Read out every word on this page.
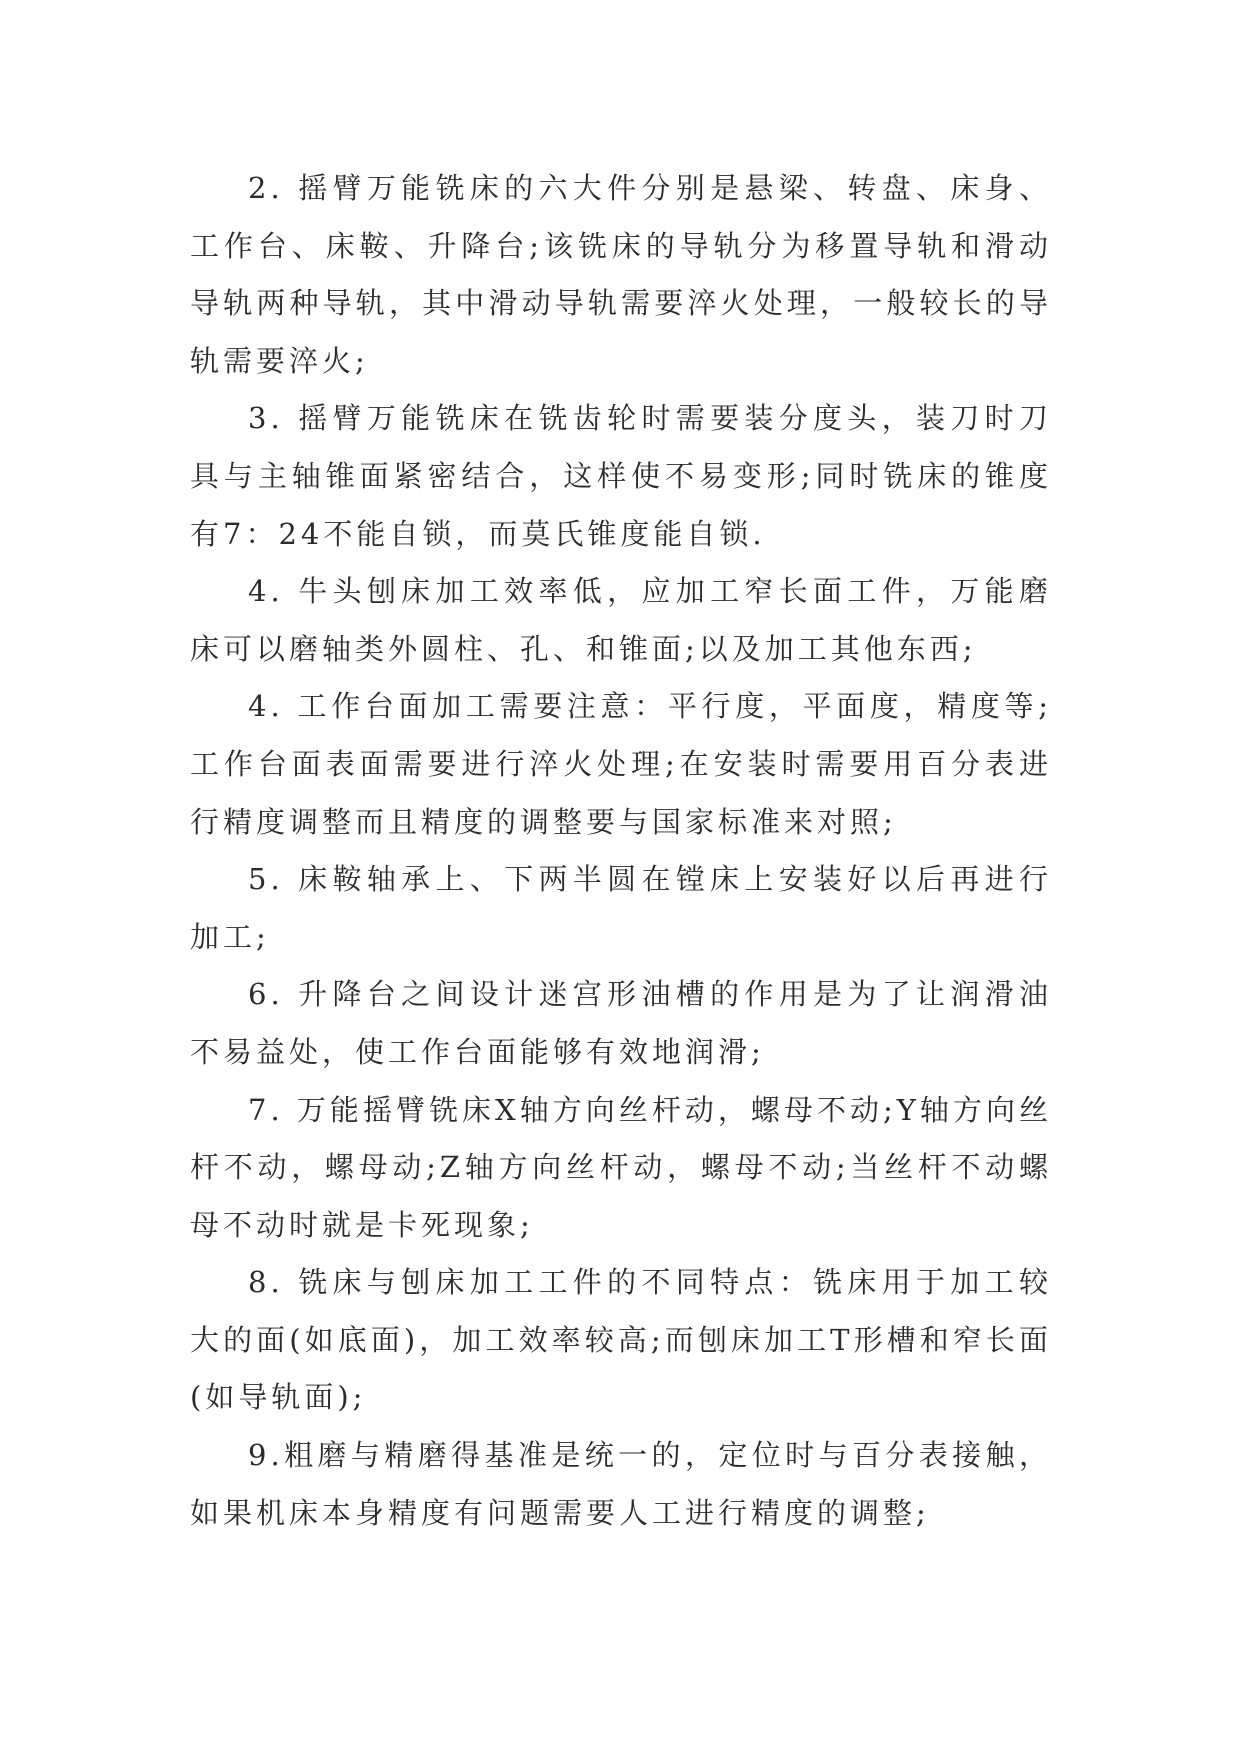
2. 摇臂万能铣床的六大件分别是悬梁、转盘、床身、工作台、床鞍、升降台;该铣床的导轨分为移置导轨和滑动导轨两种导轨，其中滑动导轨需要淬火处理，一般较长的导轨需要淬火;

3. 摇臂万能铣床在铣齿轮时需要装分度头，装刀时刀具与主轴锥面紧密结合，这样使不易变形;同时铣床的锥度有7：24不能自锁，而莫氏锥度能自锁.

4. 牛头刨床加工效率低，应加工窄长面工件，万能磨床可以磨轴类外圆柱、孔、和锥面;以及加工其他东西;

4. 工作台面加工需要注意：平行度，平面度，精度等;工作台面表面需要进行淬火处理;在安装时需要用百分表进行精度调整而且精度的调整要与国家标准来对照;

5. 床鞍轴承上、下两半圆在镗床上安装好以后再进行加工;

6. 升降台之间设计迷宫形油槽的作用是为了让润滑油不易益处，使工作台面能够有效地润滑;

7. 万能摇臂铣床X轴方向丝杆动，螺母不动;Y轴方向丝杆不动，螺母动;Z轴方向丝杆动，螺母不动;当丝杆不动螺母不动时就是卡死现象;

8. 铣床与刨床加工工件的不同特点：铣床用于加工较大的面(如底面)，加工效率较高;而刨床加工T形槽和窄长面(如导轨面);

9.粗磨与精磨得基准是统一的，定位时与百分表接触，如果机床本身精度有问题需要人工进行精度的调整;
